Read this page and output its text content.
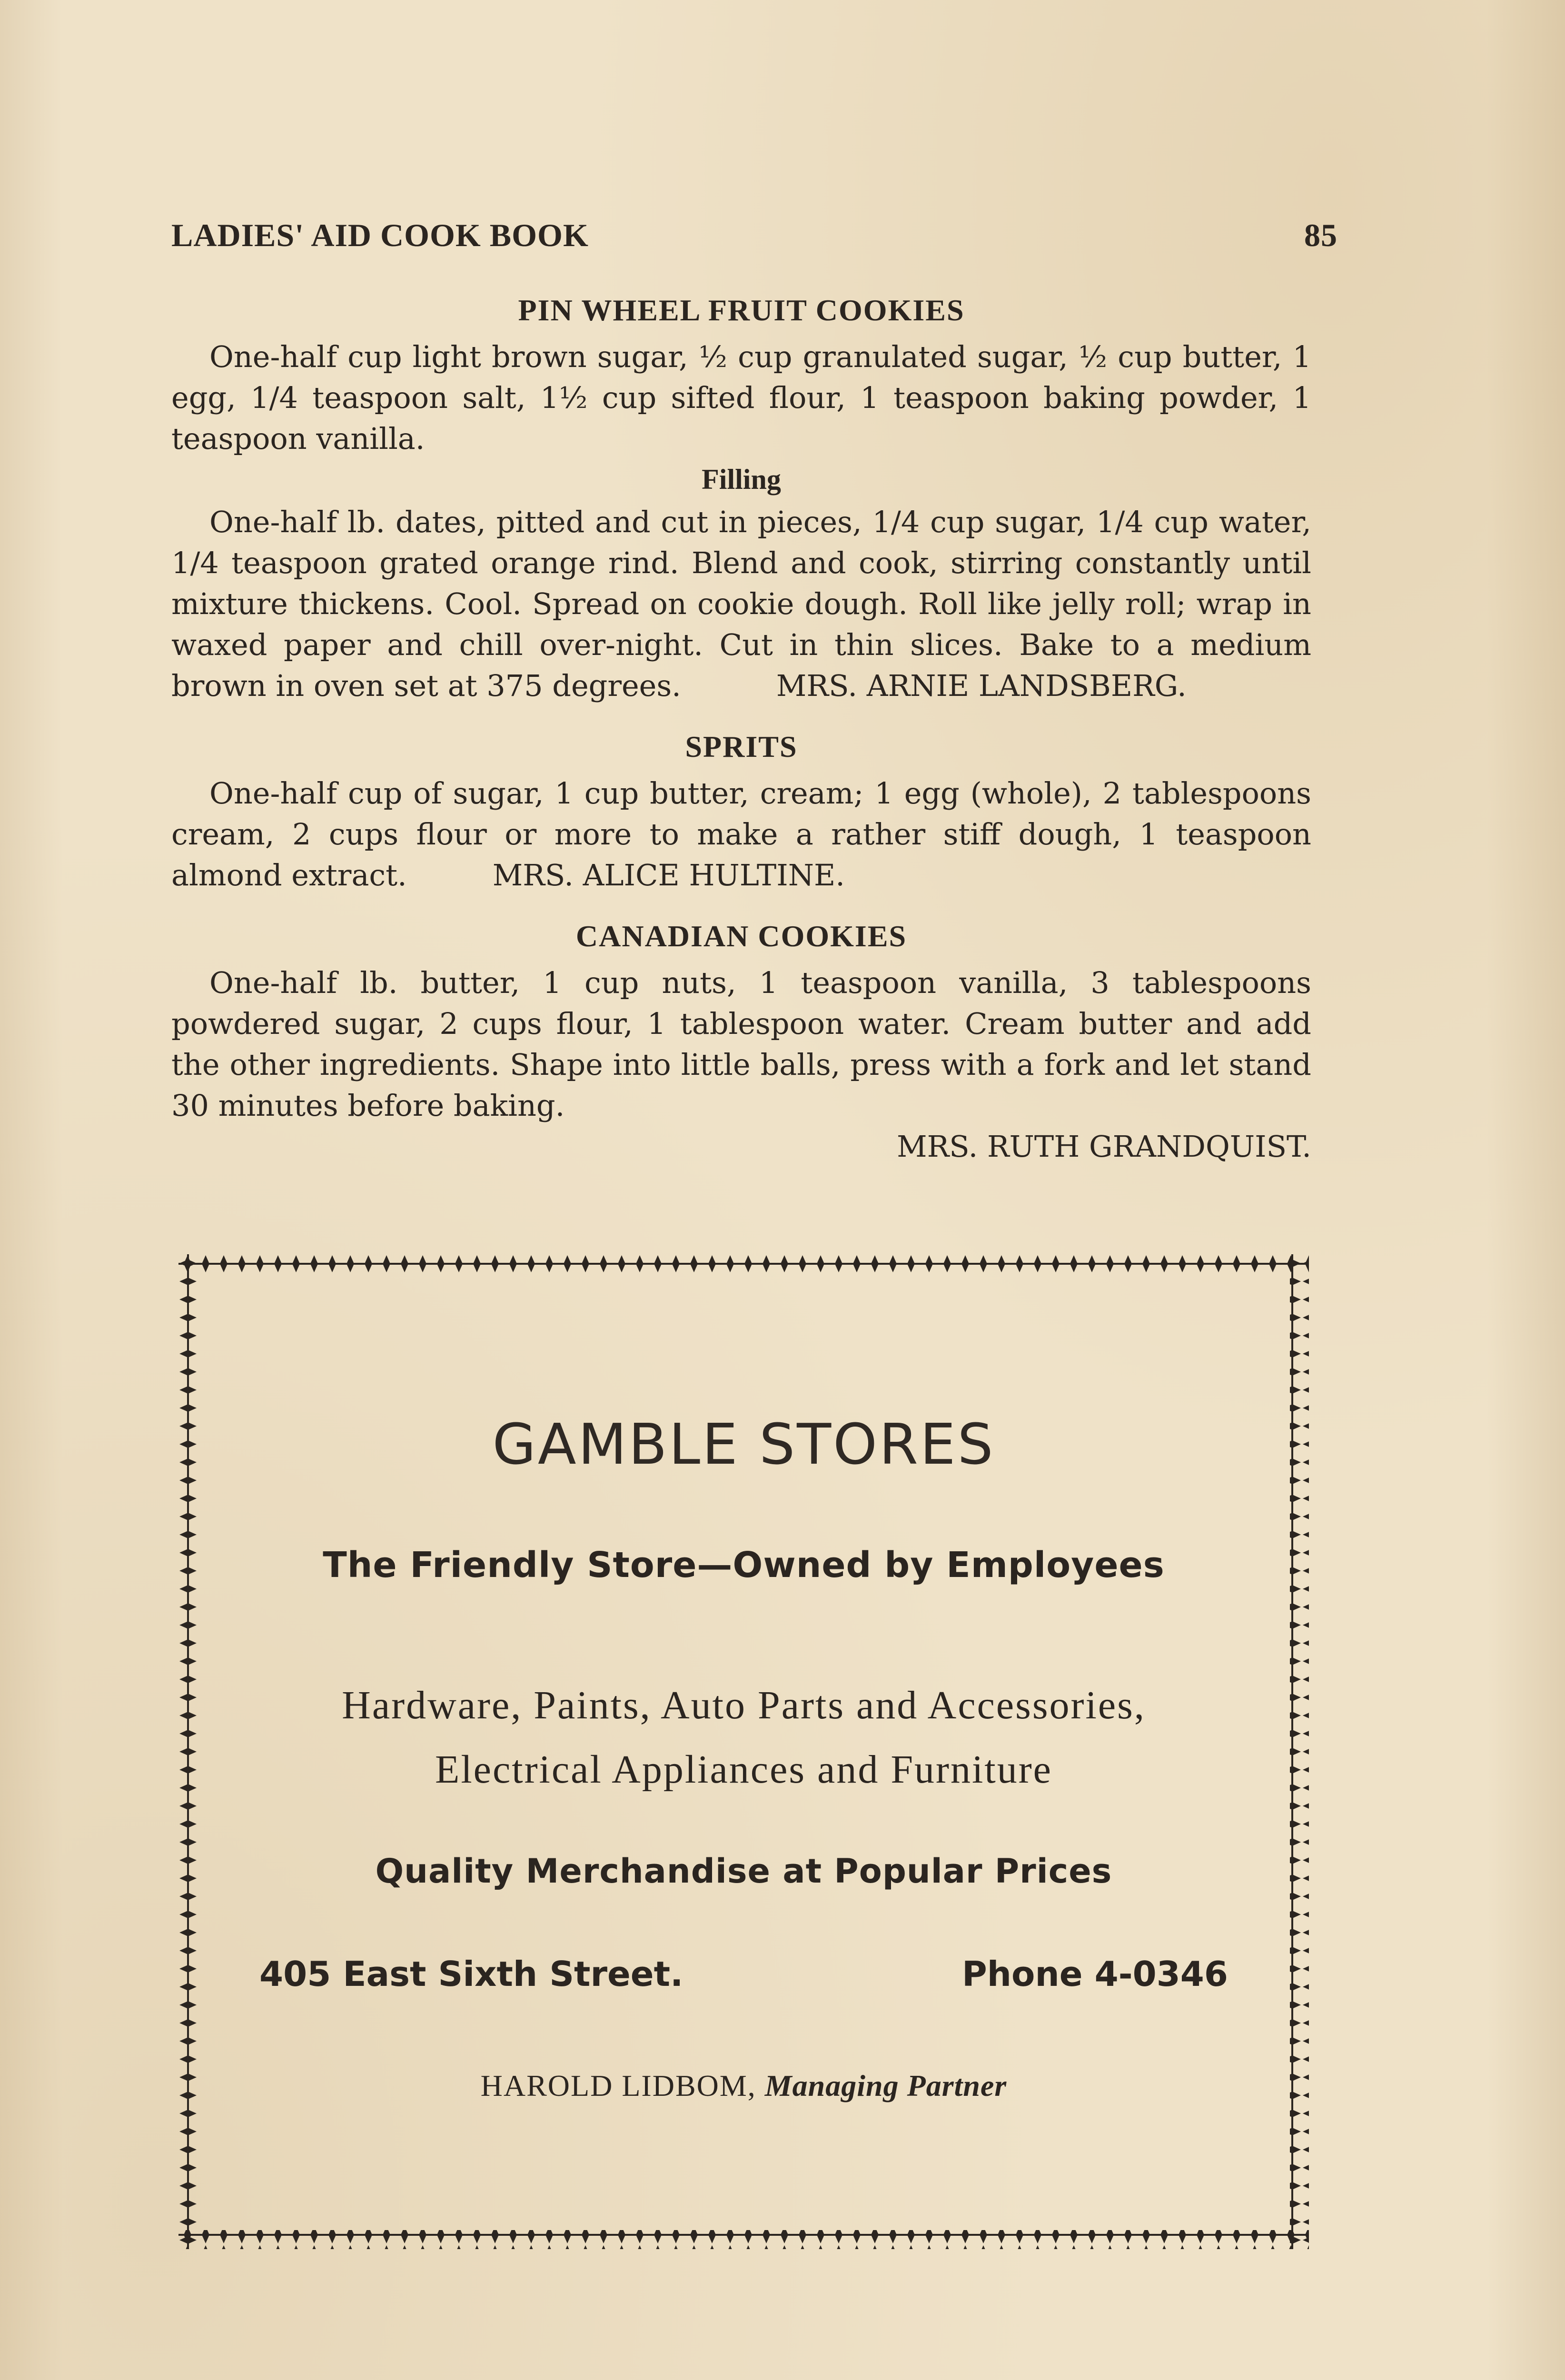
LADIES' AID COOK BOOK	85
PIN WHEEL FRUIT COOKIES

One-half cup light brown sugar, ½ cup granulated sugar, ½ cup butter, 1 egg, 1/4 teaspoon salt, 1½ cup sifted flour, 1 teaspoon baking powder, 1 teaspoon vanilla.

Filling

One-half lb. dates, pitted and cut in pieces, 1/4 cup sugar, 1/4 cup water, 1/4 teaspoon grated orange rind. Blend and cook, stirring constantly until mixture thickens. Cool. Spread on cookie dough. Roll like jelly roll; wrap in waxed paper and chill over-night. Cut in thin slices. Bake to a medium brown in oven set at 375 degrees.	MRS. ARNIE LANDSBERG.

SPRITS

One-half cup of sugar, 1 cup butter, cream; 1 egg (whole), 2 tablespoons cream, 2 cups flour or more to make a rather stiff dough, 1 teaspoon almond extract.	MRS. ALICE HULTINE.

CANADIAN COOKIES

One-half lb. butter, 1 cup nuts, 1 teaspoon vanilla, 3 tablespoons powdered sugar, 2 cups flour, 1 tablespoon water. Cream butter and add the other ingredients. Shape into little balls, press with a fork and let stand 30 minutes before baking.

MRS. RUTH GRANDQUIST.
GAMBLE STORES
The Friendly Store—Owned by Employees
Hardware, Paints, Auto Parts and Accessories,
Electrical Appliances and Furniture
Quality Merchandise at Popular Prices
405 East Sixth Street.	Phone 4-0346
HAROLD LIDBOM, Managing Partner
